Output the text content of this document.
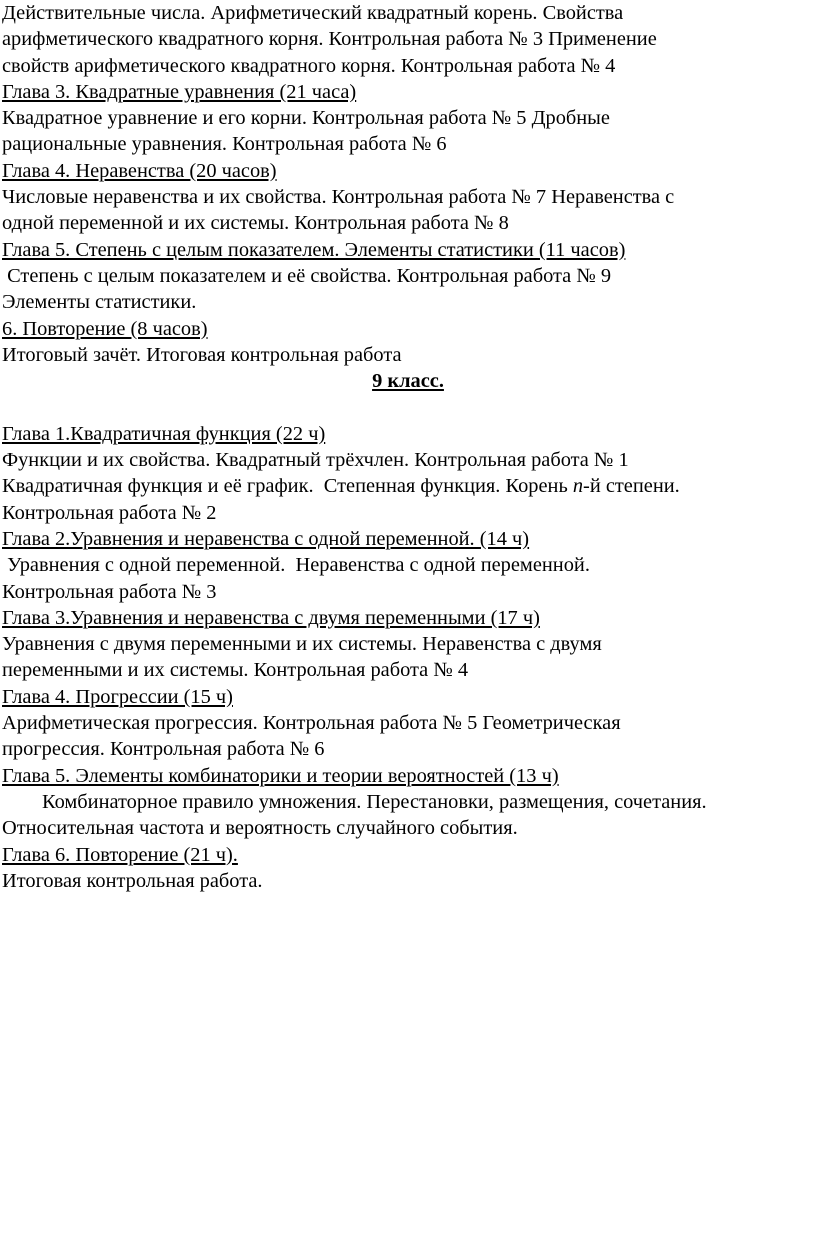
Действительные числа. Арифметический квадратный корень. Свойства
арифметического квадратного корня. Контрольная работа № 3 Применение
свойств арифметического квадратного корня. Контрольная работа № 4
Глава 3. Квадратные уравнения (21 часа)
Квадратное уравнение и его корни. Контрольная работа № 5 Дробные
рациональные уравнения. Контрольная работа № 6
Глава 4. Неравенства (20 часов)
Числовые неравенства и их свойства. Контрольная работа № 7 Неравенства с
одной переменной и их системы. Контрольная работа № 8
Глава 5. Степень с целым показателем. Элементы статистики (11 часов)
Степень с целым показателем и её свойства. Контрольная работа № 9
Элементы статистики.
6. Повторение (8 часов)
Итоговый зачёт. Итоговая контрольная работа
9 класс.
Глава 1.Квадратичная функция (22 ч)
Функции и их свойства. Квадратный трёхчлен. Контрольная работа № 1
Квадратичная функция и её график.  Степенная функция. Корень n-й степени.
Контрольная работа № 2
Глава 2.Уравнения и неравенства с одной переменной. (14 ч)
Уравнения с одной переменной.  Неравенства с одной переменной.
Контрольная работа № 3
Глава 3.Уравнения и неравенства с двумя переменными (17 ч)
Уравнения с двумя переменными и их системы. Неравенства с двумя
переменными и их системы. Контрольная работа № 4
Глава 4. Прогрессии (15 ч)
Арифметическая прогрессия. Контрольная работа № 5 Геометрическая
прогрессия. Контрольная работа № 6
Глава 5. Элементы комбинаторики и теории вероятностей (13 ч)
Комбинаторное правило умножения. Перестановки, размещения, сочетания.
Относительная частота и вероятность случайного события.
Глава 6. Повторение (21 ч).
Итоговая контрольная работа.
